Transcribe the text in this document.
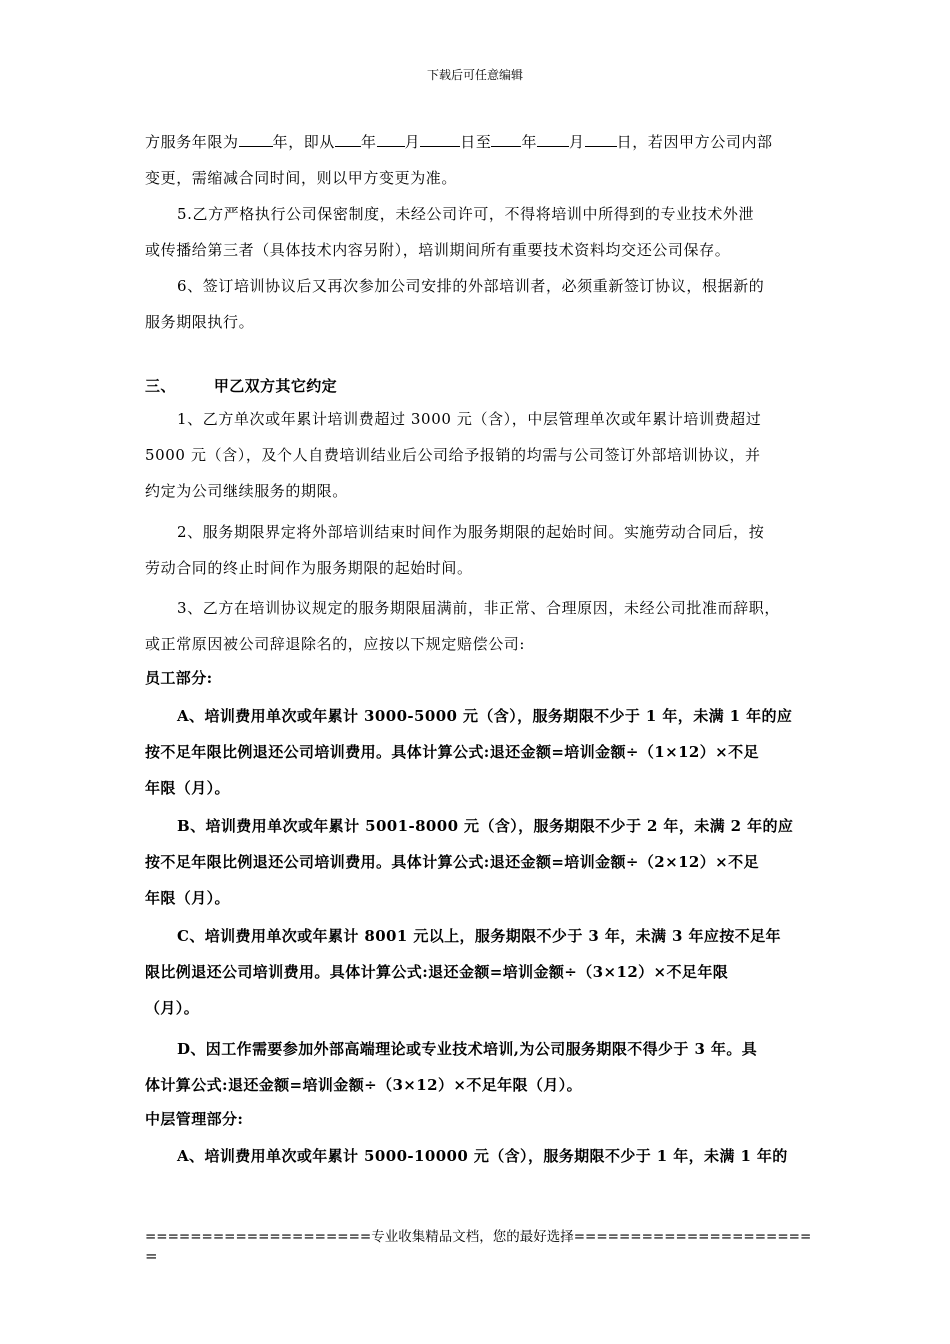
下载后可任意编辑
方服务年限为 年，即从 年 月	日至 年 月 日，若因甲方公司内部
变更，需缩减合同时间，则以甲方变更为准。
5.乙方严格执行公司保密制度，未经公司许可，不得将培训中所得到的专业技术外泄
或传播给第三者（具体技术内容另附），培训期间所有重要技术资料均交还公司保存。
6、签订培训协议后又再次参加公司安排的外部培训者，必须重新签订协议，根据新的
服务期限执行。
三、	甲乙双方其它约定
1、乙方单次或年累计培训费超过 3000 元（含），中层管理单次或年累计培训费超过
5000 元（含），及个人自费培训结业后公司给予报销的均需与公司签订外部培训协议，并
约定为公司继续服务的期限。
2、服务期限界定将外部培训结束时间作为服务期限的起始时间。实施劳动合同后，按
劳动合同的终止时间作为服务期限的起始时间。
3、乙方在培训协议规定的服务期限届满前，非正常、合理原因，未经公司批准而辞职，
或正常原因被公司辞退除名的，应按以下规定赔偿公司:
员工部分:
A、培训费用单次或年累计 3000-5000 元（含），服务期限不少于 1 年，未满 1 年的应
按不足年限比例退还公司培训费用。具体计算公式:退还金额=培训金额÷（1×12）×不足
年限（月）。
B、培训费用单次或年累计 5001-8000 元（含），服务期限不少于 2 年，未满 2 年的应
按不足年限比例退还公司培训费用。具体计算公式:退还金额=培训金额÷（2×12）×不足
年限（月）。
C、培训费用单次或年累计 8001 元以上，服务期限不少于 3 年，未满 3 年应按不足年
限比例退还公司培训费用。具体计算公式:退还金额=培训金额÷（3×12）×不足年限
（月）。
D、因工作需要参加外部高端理论或专业技术培训,为公司服务期限不得少于 3 年。具
体计算公式:退还金额=培训金额÷（3×12）×不足年限（月）。
中层管理部分:
A、培训费用单次或年累计 5000-10000 元（含），服务期限不少于 1 年，未满 1 年的
====================专业收集精品文档，您的最好选择=====================
=
